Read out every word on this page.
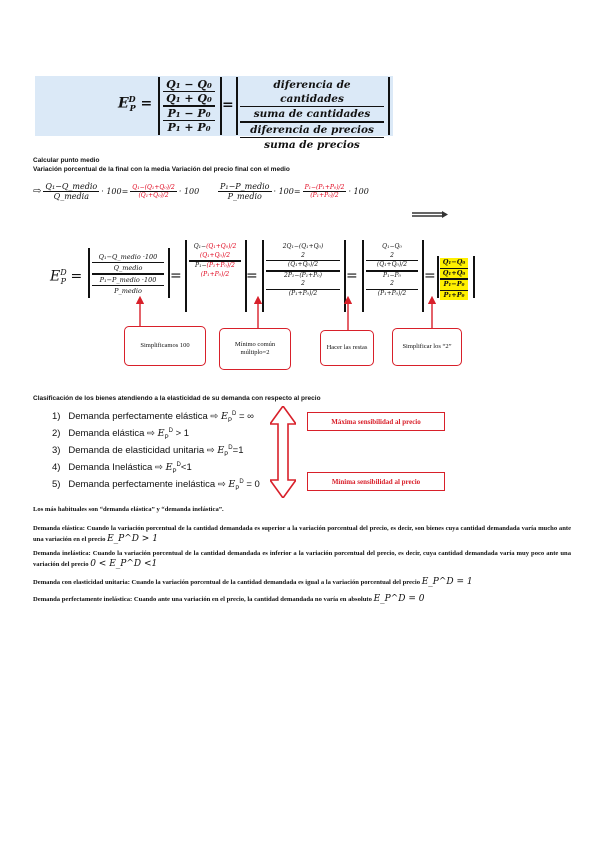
$E^D_P$ =
Q₁ − Q₀
Q₁ + Q₀
P₁ − P₀
P₁ + P₀
=
diferencia de cantidades
suma de cantidades
diferencia de precios
suma de precios
Calcular punto medio
Variación porcentual de la final con la media Variación del precio final con el medio
⇨ $\frac{\text{Q₁−Q\_medio}}{\text{Q\_media}} \cdot 100= \frac{\text{Q₁−(Q₁+Q₀)/2}}{\text{(Q₁+Q₀)/2}} \cdot 100 \frac{\text{P₁−P\_medio}}{\text{P\_medio}} \cdot 100= \frac{\text{P₁−(P₁+P₀)/2}}{\text{(P₁+P₀)/2}} \cdot 100$
$E^D_P$ =
Q₁−Q_medio ·100
Q_medio
P₁−P_medio ·100
P_medio
=
Q₁−(Q₁+Q₀)/2
(Q₁+Q₀)/2
P₁−(P₁+P₀)/2
(P₁+P₀)/2	=
2Q₁−(Q₁+Q₀)
2
(Q₁+Q₀)/2
2P₁−(P₁+P₀)
2
(P₁+P₀)/2
=
Q₁−Q₀
2
(Q₁+Q₀)/2
P₁−P₀
2
(P₁+P₀)/2
=
Q₁−Q₀
Q₁+Q₀
P₁−P₀
P₁+P₀
Simplificamos 100	Mínimo común múltiplo=2
Hacer las restas	Simplificar los “2”
Clasificación de los bienes atendiendo a la elasticidad de su demanda con respecto al precio
1) Demanda perfectamente elástica ⇨ $E_P^D$ = ∞
2) Demanda elástica ⇨ $E_P^D > 1$
3) Demanda de elasticidad unitaria ⇨ $E_P^D=1$
4) Demanda Inelástica ⇨ $E_P^D<1$
5) Demanda perfectamente inelástica ⇨ $E_P^D = 0$
Máxima sensibilidad al precio
Mínima sensibilidad al precio
Los más habituales son “demanda elástica” y “demanda inelástica”.
Demanda elástica: Cuando la variación porcentual de la cantidad demandada es superior a la variación porcentual del precio, es decir, son bienes cuya cantidad demandada varía mucho ante una variación en el precio E_P^D > 1
Demanda inelástica: Cuando la variación porcentual de la cantidad demandada es inferior a la variación porcentual del precio, es decir, cuya cantidad demandada varía muy poco ante una variación del precio 0 < E_P^D <1
Demanda con elasticidad unitaria: Cuando la variación porcentual de la cantidad demandada es igual a la variación porcentual del precio E_P^D = 1
Demanda perfectamente inelástica: Cuando ante una variación en el precio, la cantidad demandada no varía en absoluto E_P^D = 0
